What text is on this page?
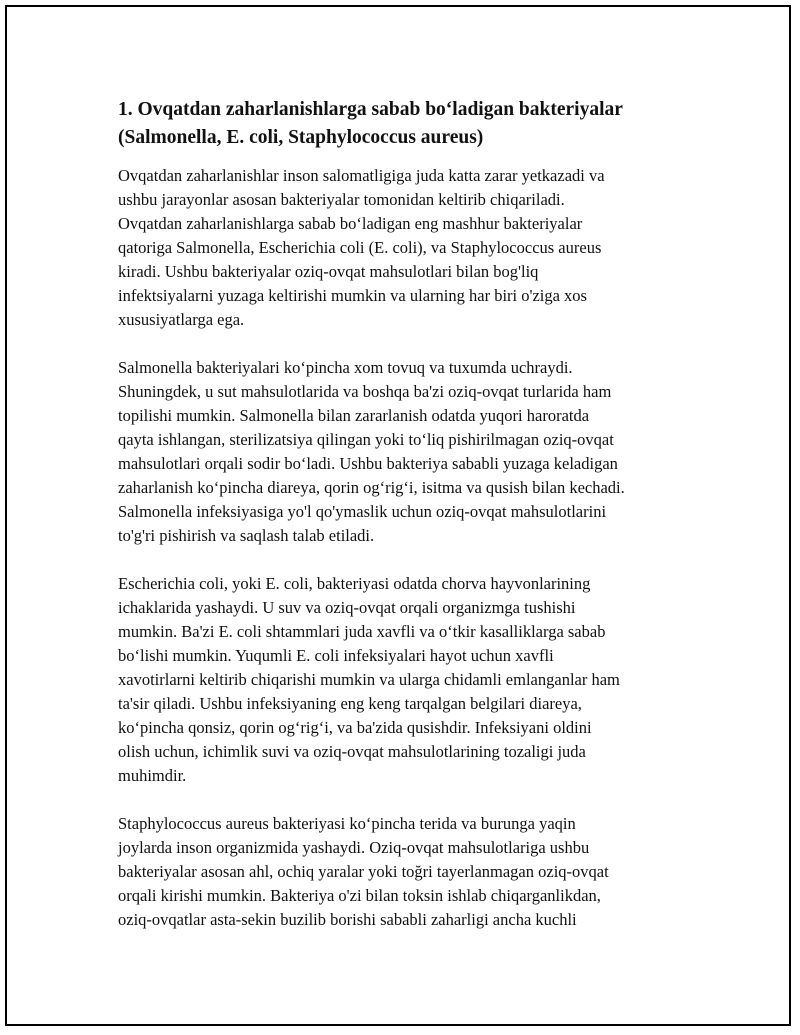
1. Ovqatdan zaharlanishlarga sabab bo‘ladigan bakteriyalar
(Salmonella, E. coli, Staphylococcus aureus)
Ovqatdan zaharlanishlar inson salomatligiga juda katta zarar yetkazadi va
ushbu jarayonlar asosan bakteriyalar tomonidan keltirib chiqariladi.
Ovqatdan zaharlanishlarga sabab bo‘ladigan eng mashhur bakteriyalar
qatoriga Salmonella, Escherichia coli (E. coli), va Staphylococcus aureus
kiradi. Ushbu bakteriyalar oziq-ovqat mahsulotlari bilan bog'liq
infektsiyalarni yuzaga keltirishi mumkin va ularning har biri o'ziga xos
xususiyatlarga ega.
Salmonella bakteriyalari ko‘pincha xom tovuq va tuxumda uchraydi.
Shuningdek, u sut mahsulotlarida va boshqa ba'zi oziq-ovqat turlarida ham
topilishi mumkin. Salmonella bilan zararlanish odatda yuqori haroratda
qayta ishlangan, sterilizatsiya qilingan yoki to‘liq pishirilmagan oziq-ovqat
mahsulotlari orqali sodir bo‘ladi. Ushbu bakteriya sababli yuzaga keladigan
zaharlanish ko‘pincha diareya, qorin og‘rig‘i, isitma va qusish bilan kechadi.
Salmonella infeksiyasiga yo'l qo'ymaslik uchun oziq-ovqat mahsulotlarini
to'g'ri pishirish va saqlash talab etiladi.
Escherichia coli, yoki E. coli, bakteriyasi odatda chorva hayvonlarining
ichaklarida yashaydi. U suv va oziq-ovqat orqali organizmga tushishi
mumkin. Ba'zi E. coli shtammlari juda xavfli va o‘tkir kasalliklarga sabab
bo‘lishi mumkin. Yuqumli E. coli infeksiyalari hayot uchun xavfli
xavotirlarni keltirib chiqarishi mumkin va ularga chidamli emlanganlar ham
ta'sir qiladi. Ushbu infeksiyaning eng keng tarqalgan belgilari diareya,
ko‘pincha qonsiz, qorin og‘rig‘i, va ba'zida qusishdir. Infeksiyani oldini
olish uchun, ichimlik suvi va oziq-ovqat mahsulotlarining tozaligi juda
muhimdir.
Staphylococcus aureus bakteriyasi ko‘pincha terida va burunga yaqin
joylarda inson organizmida yashaydi. Oziq-ovqat mahsulotlariga ushbu
bakteriyalar asosan ahl, ochiq yaralar yoki toğri tayerlanmagan oziq-ovqat
orqali kirishi mumkin. Bakteriya o'zi bilan toksin ishlab chiqarganlikdan,
oziq-ovqatlar asta-sekin buzilib borishi sababli zaharligi ancha kuchli
